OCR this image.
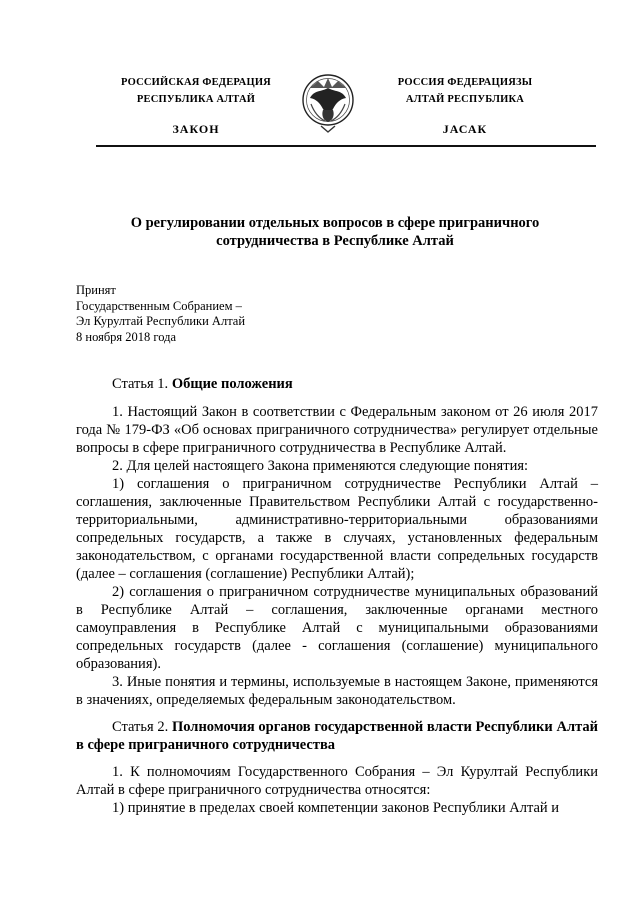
РОССИЙСКАЯ ФЕДЕРАЦИЯ
РЕСПУБЛИКА АЛТАЙ
ЗАКОН
РОССИЯ ФЕДЕРАЦИЯЗЫ
АЛТАЙ РЕСПУБЛИКА
ЈАСАК
О регулировании отдельных вопросов в сфере приграничного
сотрудничества в Республике Алтай
Принят
Государственным Собранием –
Эл Курултай Республики Алтай
8 ноября 2018 года

Статья 1. Общие положения

1. Настоящий Закон в соответствии с Федеральным законом от 26 июля 2017 года № 179-ФЗ «Об основах приграничного сотрудничества» регулирует отдельные вопросы в сфере приграничного сотрудничества в Республике Алтай.

2. Для целей настоящего Закона применяются следующие понятия:

1) соглашения о приграничном сотрудничестве Республики Алтай – соглашения, заключенные Правительством Республики Алтай с государственно-территориальными, административно-территориальными образованиями сопредельных государств, а также в случаях, установленных федеральным законодательством, с органами государственной власти сопредельных государств (далее – соглашения (соглашение) Республики Алтай);

2) соглашения о приграничном сотрудничестве муниципальных образований в Республике Алтай – соглашения, заключенные органами местного самоуправления в Республике Алтай с муниципальными образованиями сопредельных государств (далее - соглашения (соглашение) муниципального образования).

3. Иные понятия и термины, используемые в настоящем Законе, применяются в значениях, определяемых федеральным законодательством.

Статья 2. Полномочия органов государственной власти Республики Алтай в сфере приграничного сотрудничества

1. К полномочиям Государственного Собрания – Эл Курултай Республики Алтай в сфере приграничного сотрудничества относятся:

1) принятие в пределах своей компетенции законов Республики Алтай и
